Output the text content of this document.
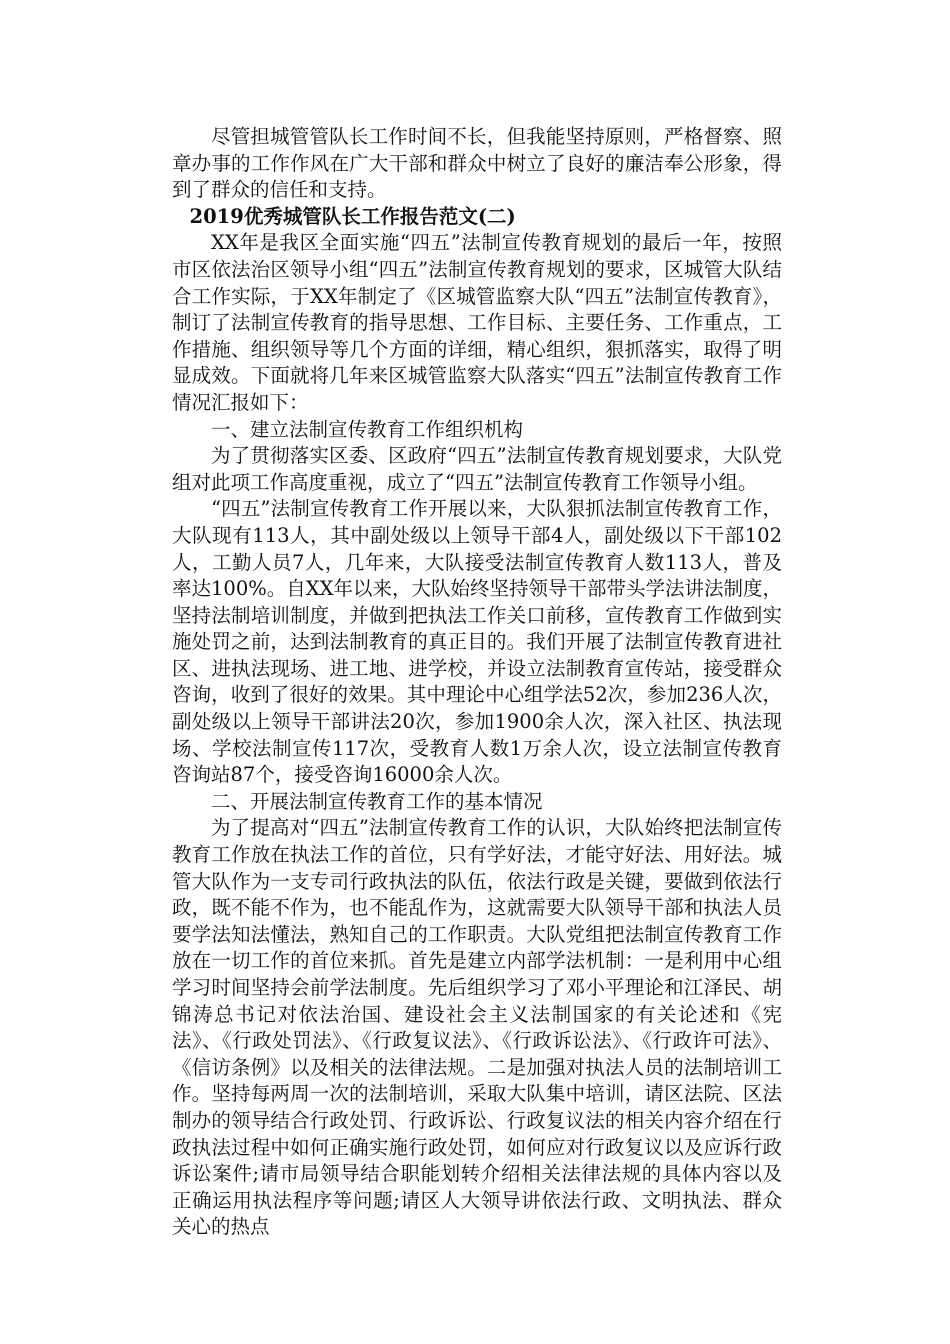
尽管担城管管队长工作时间不长，但我能坚持原则，严格督察、照章办事的工作作风在广大干部和群众中树立了良好的廉洁奉公形象，得到了群众的信任和支持。

2019优秀城管队长工作报告范文(二)

XX年是我区全面实施“四五”法制宣传教育规划的最后一年，按照市区依法治区领导小组“四五”法制宣传教育规划的要求，区城管大队结合工作实际，于XX年制定了《区城管监察大队“四五”法制宣传教育》，制订了法制宣传教育的指导思想、工作目标、主要任务、工作重点，工作措施、组织领导等几个方面的详细，精心组织，狠抓落实，取得了明显成效。下面就将几年来区城管监察大队落实“四五”法制宣传教育工作情况汇报如下：

一、建立法制宣传教育工作组织机构

为了贯彻落实区委、区政府“四五”法制宣传教育规划要求，大队党组对此项工作高度重视，成立了“四五”法制宣传教育工作领导小组。

“四五”法制宣传教育工作开展以来，大队狠抓法制宣传教育工作，大队现有113人，其中副处级以上领导干部4人，副处级以下干部102人，工勤人员7人，几年来，大队接受法制宣传教育人数113人，普及率达100%。自XX年以来，大队始终坚持领导干部带头学法讲法制度，坚持法制培训制度，并做到把执法工作关口前移，宣传教育工作做到实施处罚之前，达到法制教育的真正目的。我们开展了法制宣传教育进社区、进执法现场、进工地、进学校，并设立法制教育宣传站，接受群众咨询，收到了很好的效果。其中理论中心组学法52次，参加236人次，副处级以上领导干部讲法20次，参加1900余人次，深入社区、执法现场、学校法制宣传117次，受教育人数1万余人次，设立法制宣传教育咨询站87个，接受咨询16000余人次。

二、开展法制宣传教育工作的基本情况

为了提高对“四五”法制宣传教育工作的认识，大队始终把法制宣传教育工作放在执法工作的首位，只有学好法，才能守好法、用好法。城管大队作为一支专司行政执法的队伍，依法行政是关键，要做到依法行政，既不能不作为，也不能乱作为，这就需要大队领导干部和执法人员要学法知法懂法，熟知自己的工作职责。大队党组把法制宣传教育工作放在一切工作的首位来抓。首先是建立内部学法机制：一是利用中心组学习时间坚持会前学法制度。先后组织学习了邓小平理论和江泽民、胡锦涛总书记对依法治国、建设社会主义法制国家的有关论述和《宪法》、《行政处罚法》、《行政复议法》、《行政诉讼法》、《行政许可法》、《信访条例》以及相关的法律法规。二是加强对执法人员的法制培训工作。坚持每两周一次的法制培训，采取大队集中培训，请区法院、区法制办的领导结合行政处罚、行政诉讼、行政复议法的相关内容介绍在行政执法过程中如何正确实施行政处罚，如何应对行政复议以及应诉行政诉讼案件;请市局领导结合职能划转介绍相关法律法规的具体内容以及正确运用执法程序等问题;请区人大领导讲依法行政、文明执法、群众关心的热点
